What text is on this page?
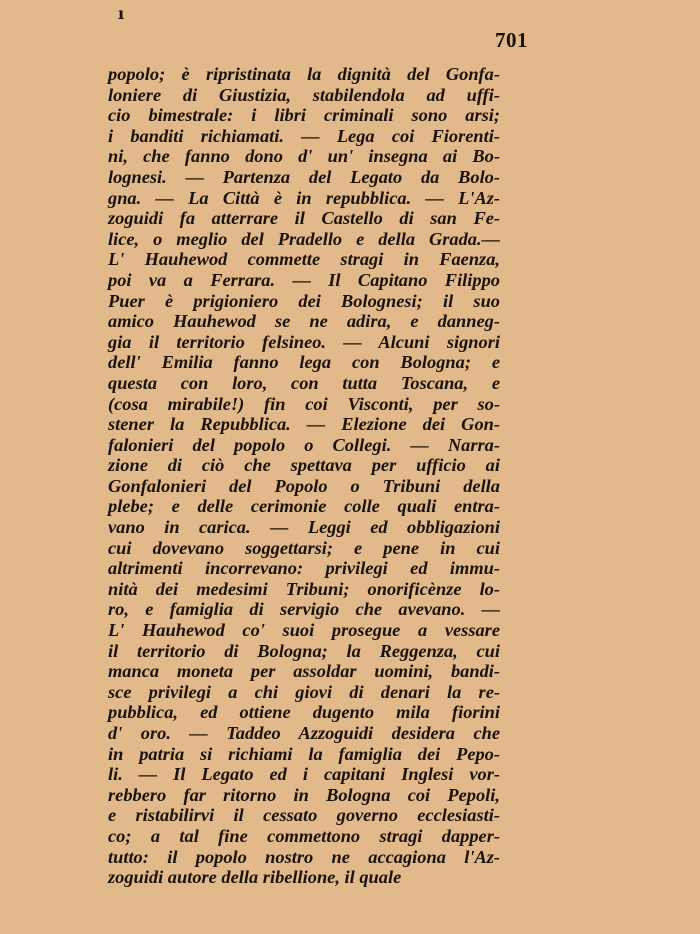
ı
701
popolo; è ripristinata la dignità del Gonfa-
loniere di Giustizia, stabilendola ad uffi-
cio bimestrale: i libri criminali sono arsi;
i banditi richiamati. — Lega coi Fiorenti-
ni, che fanno dono d' un' insegna ai Bo-
lognesi. — Partenza del Legato da Bolo-
gna. — La Città è in repubblica. — L'Az-
zoguidi fa atterrare il Castello di san Fe-
lice, o meglio del Pradello e della Grada.—
L' Hauhewod commette stragi in Faenza,
poi va a Ferrara. — Il Capitano Filippo
Puer è prigioniero dei Bolognesi; il suo
amico Hauhewod se ne adira, e danneg-
gia il territorio felsineo. — Alcuni signori
dell' Emilia fanno lega con Bologna; e
questa con loro, con tutta Toscana, e
(cosa mirabile!) fin coi Visconti, per so-
stener la Repubblica. — Elezione dei Gon-
falonieri del popolo o Collegi. — Narra-
zione di ciò che spettava per ufficio ai
Gonfalonieri del Popolo o Tribuni della
plebe; e delle cerimonie colle quali entra-
vano in carica. — Leggi ed obbligazioni
cui dovevano soggettarsi; e pene in cui
altrimenti incorrevano: privilegi ed immu-
nità dei medesimi Tribuni; onorificènze lo-
ro, e famiglia di servigio che avevano. —
L' Hauhewod co' suoi prosegue a vessare
il territorio di Bologna; la Reggenza, cui
manca moneta per assoldar uomini, bandi-
sce privilegi a chi giovi di denari la re-
pubblica, ed ottiene dugento mila fiorini
d' oro. — Taddeo Azzoguidi desidera che
in patria si richiami la famiglia dei Pepo-
li. — Il Legato ed i capitani Inglesi vor-
rebbero far ritorno in Bologna coi Pepoli,
e ristabilirvi il cessato governo ecclesiasti-
co; a tal fine commettono stragi dapper-
tutto: il popolo nostro ne accagiona l'Az-
zoguidi autore della ribellione, il quale
